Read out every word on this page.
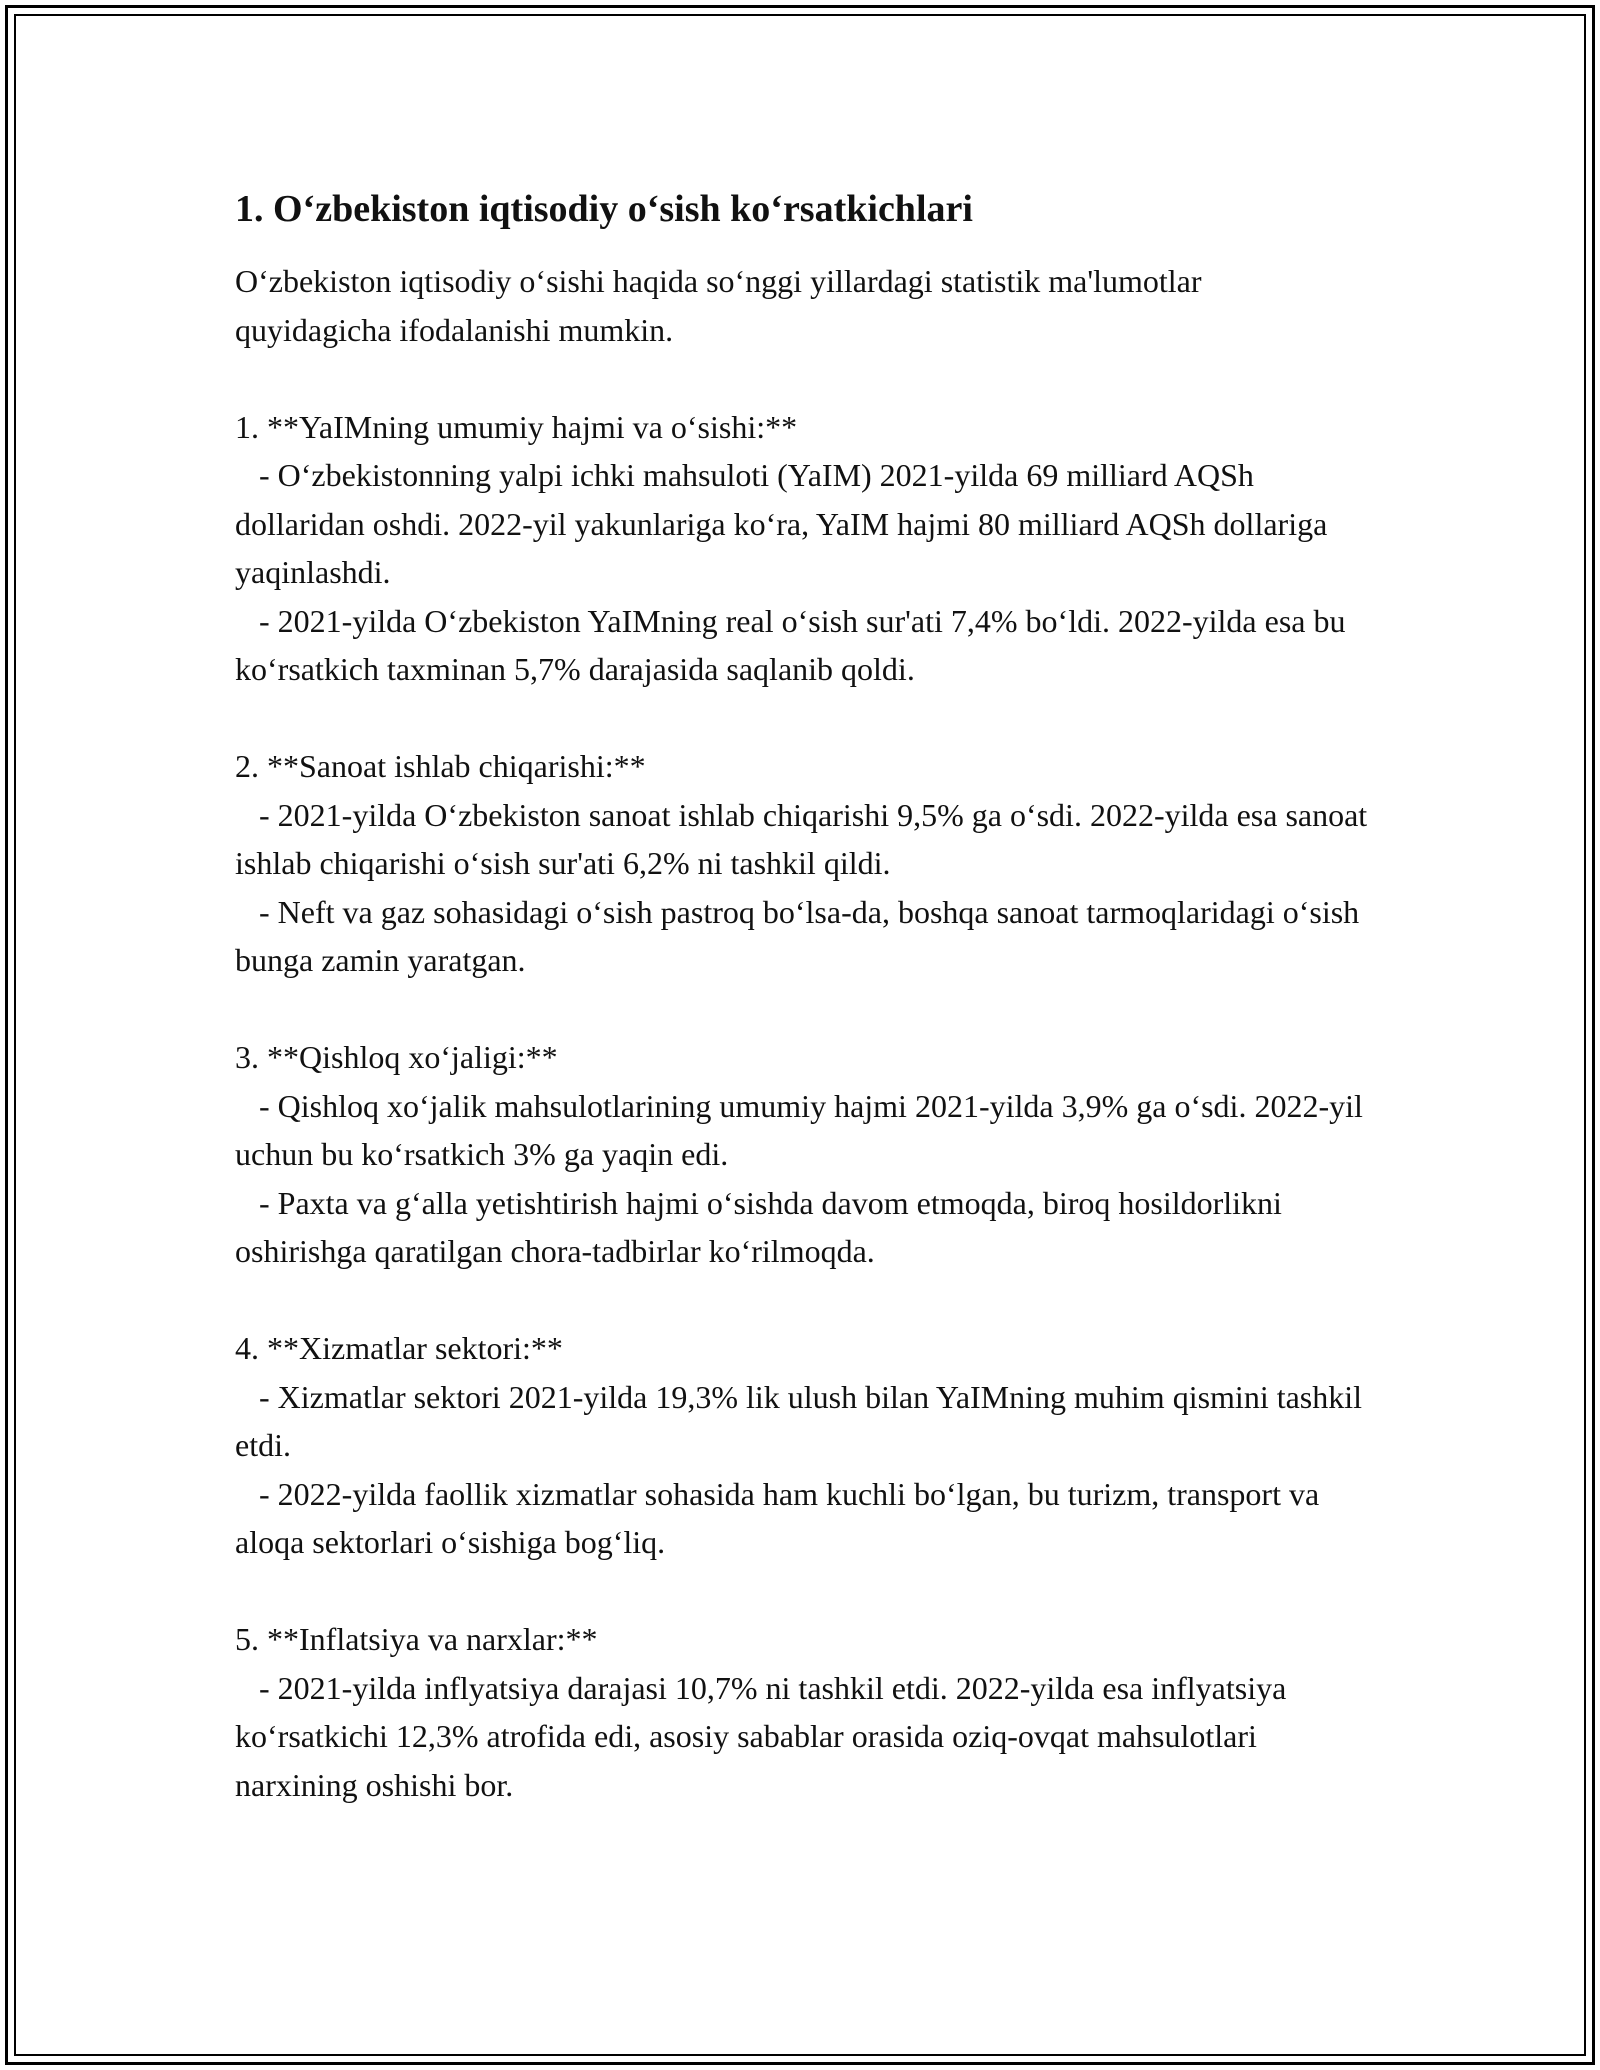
1. O‘zbekiston iqtisodiy o‘sish ko‘rsatkichlari

O‘zbekiston iqtisodiy o‘sishi haqida so‘nggi yillardagi statistik ma'lumotlar quyidagicha ifodalanishi mumkin.

1. **YaIMning umumiy hajmi va o‘sishi:**

- O‘zbekistonning yalpi ichki mahsuloti (YaIM) 2021-yilda 69 milliard AQSh dollaridan oshdi. 2022-yil yakunlariga ko‘ra, YaIM hajmi 80 milliard AQSh dollariga yaqinlashdi.

- 2021-yilda O‘zbekiston YaIMning real o‘sish sur'ati 7,4% bo‘ldi. 2022-yilda esa bu ko‘rsatkich taxminan 5,7% darajasida saqlanib qoldi.

2. **Sanoat ishlab chiqarishi:**

- 2021-yilda O‘zbekiston sanoat ishlab chiqarishi 9,5% ga o‘sdi. 2022-yilda esa sanoat ishlab chiqarishi o‘sish sur'ati 6,2% ni tashkil qildi.

- Neft va gaz sohasidagi o‘sish pastroq bo‘lsa-da, boshqa sanoat tarmoqlaridagi o‘sish bunga zamin yaratgan.

3. **Qishloq xo‘jaligi:**

- Qishloq xo‘jalik mahsulotlarining umumiy hajmi 2021-yilda 3,9% ga o‘sdi. 2022-yil uchun bu ko‘rsatkich 3% ga yaqin edi.

- Paxta va g‘alla yetishtirish hajmi o‘sishda davom etmoqda, biroq hosildorlikni oshirishga qaratilgan chora-tadbirlar ko‘rilmoqda.

4. **Xizmatlar sektori:**

- Xizmatlar sektori 2021-yilda 19,3% lik ulush bilan YaIMning muhim qismini tashkil etdi.

- 2022-yilda faollik xizmatlar sohasida ham kuchli bo‘lgan, bu turizm, transport va aloqa sektorlari o‘sishiga bog‘liq.

5. **Inflatsiya va narxlar:**

- 2021-yilda inflyatsiya darajasi 10,7% ni tashkil etdi. 2022-yilda esa inflyatsiya ko‘rsatkichi 12,3% atrofida edi, asosiy sabablar orasida oziq-ovqat mahsulotlari narxining oshishi bor.
